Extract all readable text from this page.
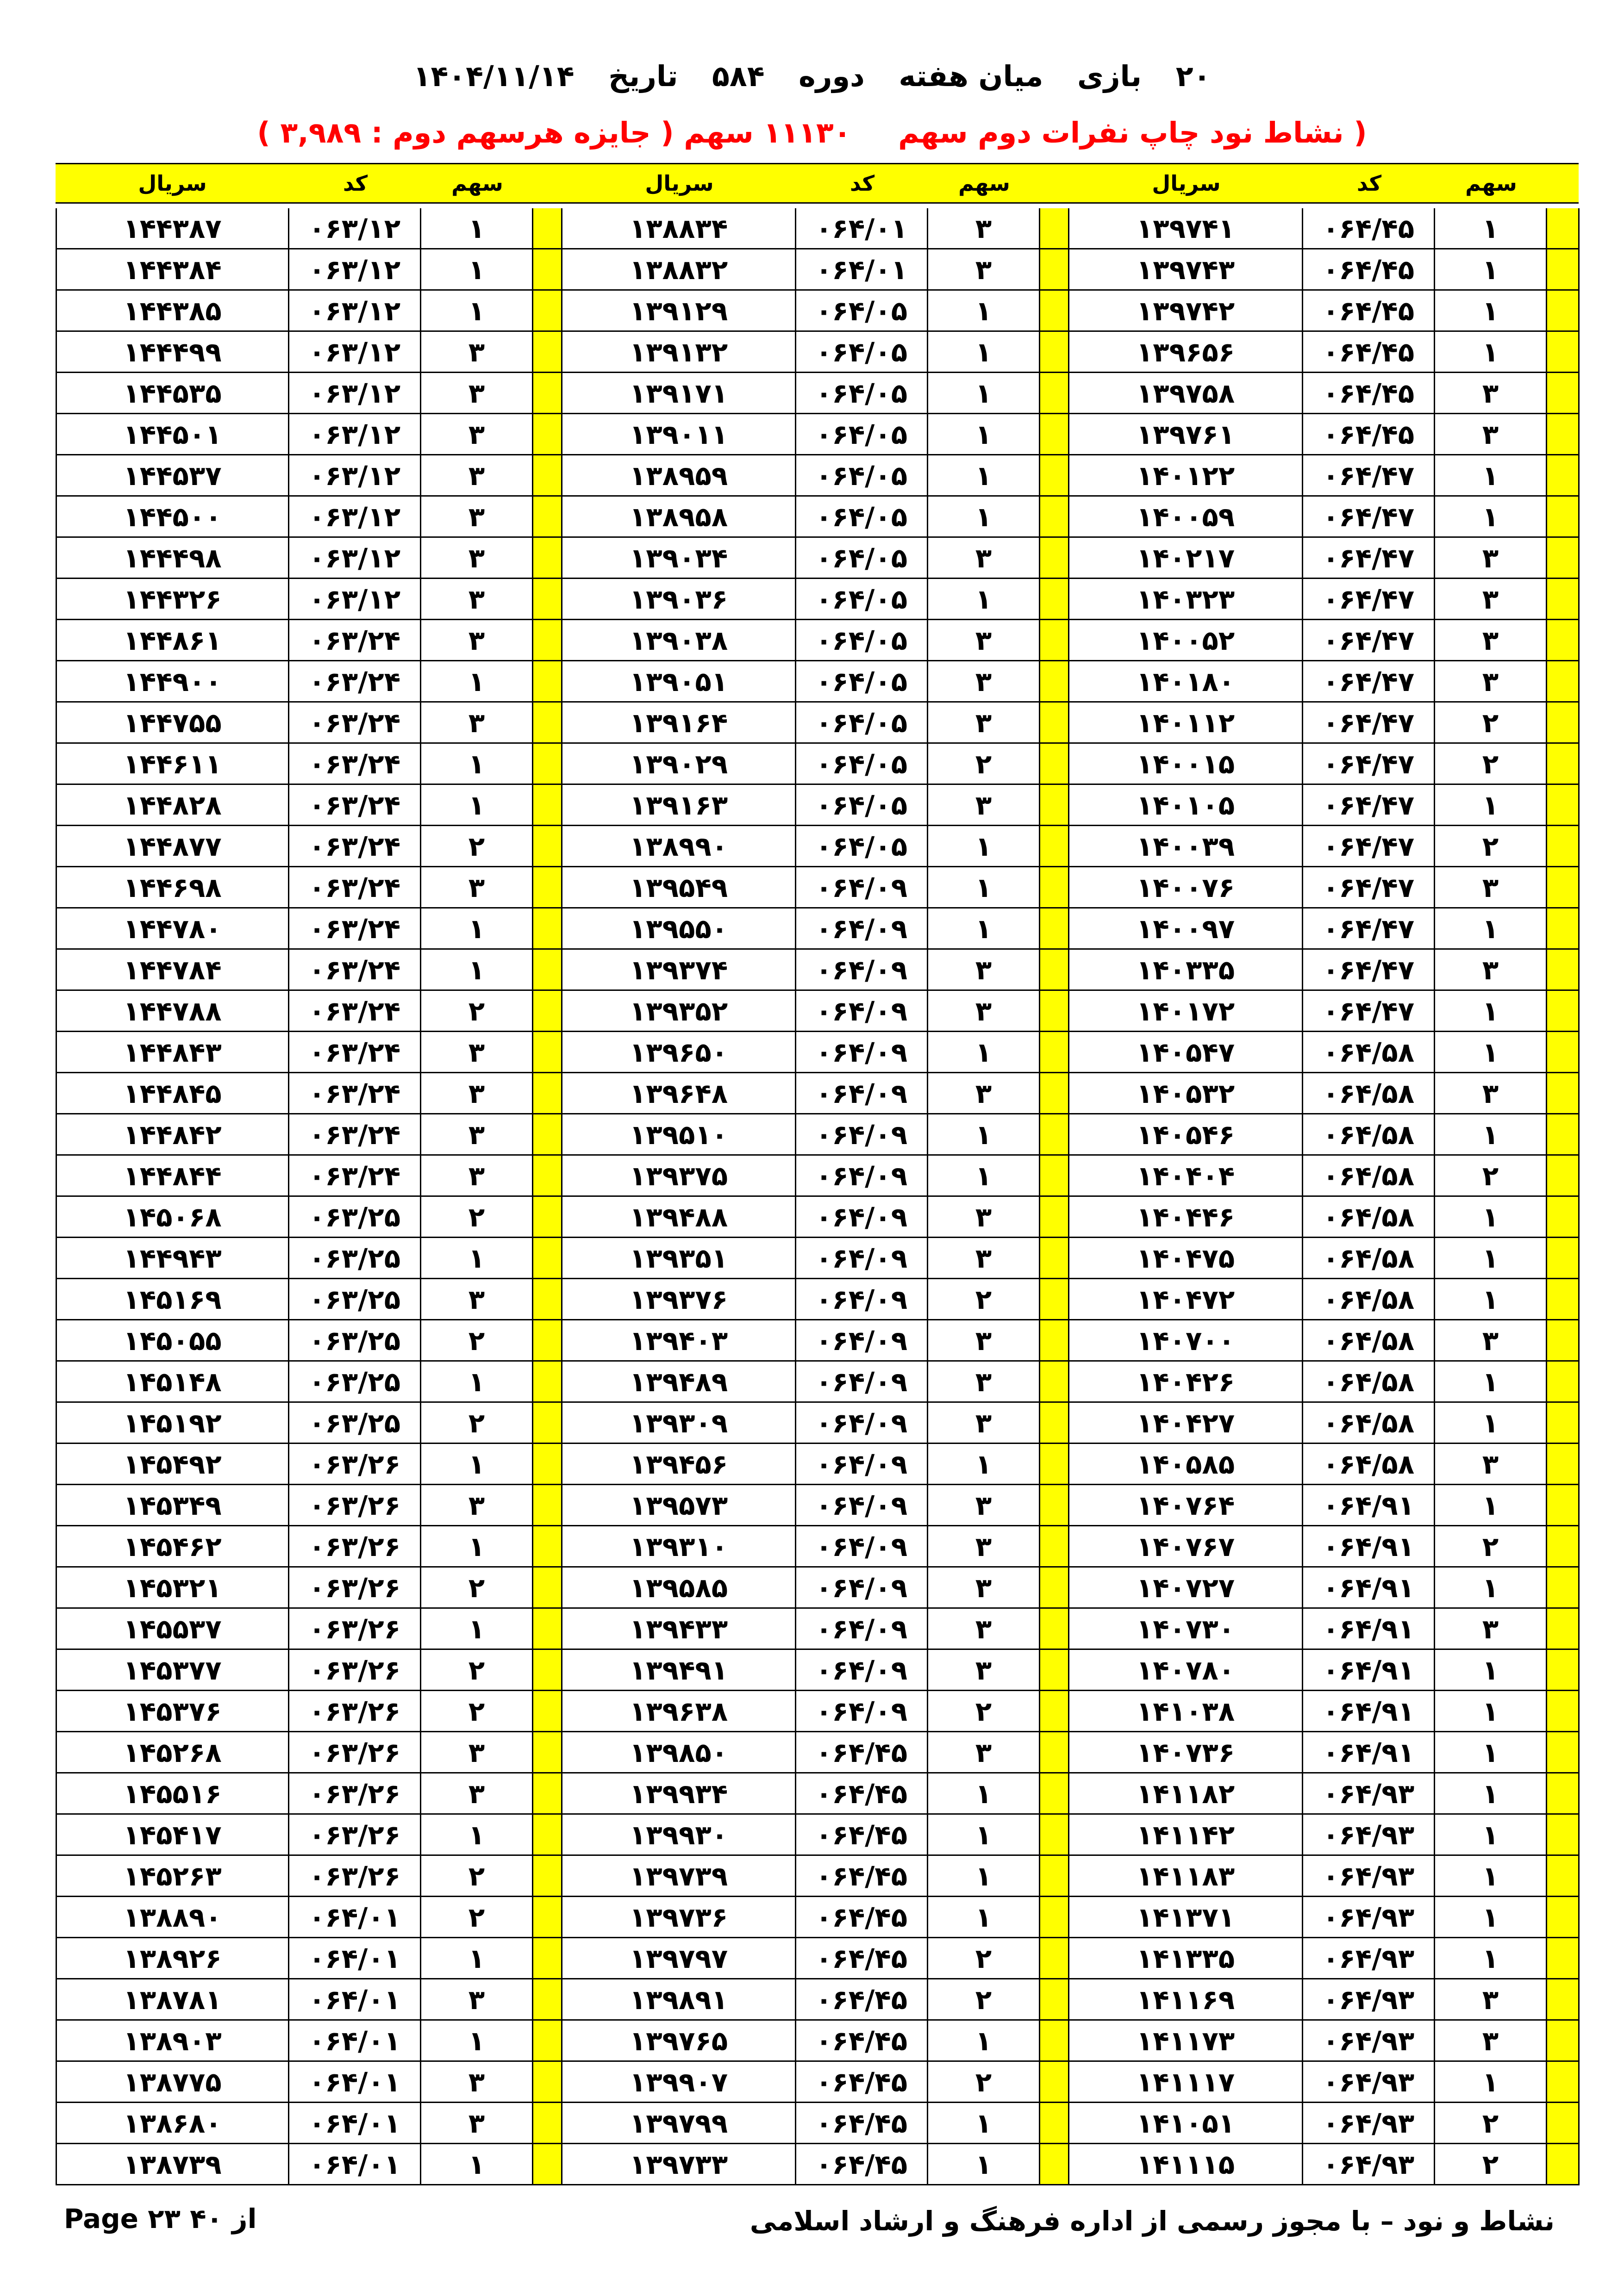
۲۰ بازی میان هفته دوره ۵۸۴ تاریخ ۱۴۰۴/۱۱/۱۴
( نشاط نود چاپ نفرات دوم سهم ۱۱۱۳۰ سهم ( جایزه هرسهم دوم : ۳,۹۸۹ )
سریال	کد	سهم	سریال	کد	سهم	سریال	کد	سهم
۱۴۴۳۸۷	۰۶۳/۱۲	۱	۱۳۸۸۳۴	۰۶۴/۰۱	۳	۱۳۹۷۴۱	۰۶۴/۴۵	۱
۱۴۴۳۸۴	۰۶۳/۱۲	۱	۱۳۸۸۳۲	۰۶۴/۰۱	۳	۱۳۹۷۴۳	۰۶۴/۴۵	۱
۱۴۴۳۸۵	۰۶۳/۱۲	۱	۱۳۹۱۲۹	۰۶۴/۰۵	۱	۱۳۹۷۴۲	۰۶۴/۴۵	۱
۱۴۴۴۹۹	۰۶۳/۱۲	۳	۱۳۹۱۳۲	۰۶۴/۰۵	۱	۱۳۹۶۵۶	۰۶۴/۴۵	۱
۱۴۴۵۳۵	۰۶۳/۱۲	۳	۱۳۹۱۷۱	۰۶۴/۰۵	۱	۱۳۹۷۵۸	۰۶۴/۴۵	۳
۱۴۴۵۰۱	۰۶۳/۱۲	۳	۱۳۹۰۱۱	۰۶۴/۰۵	۱	۱۳۹۷۶۱	۰۶۴/۴۵	۳
۱۴۴۵۳۷	۰۶۳/۱۲	۳	۱۳۸۹۵۹	۰۶۴/۰۵	۱	۱۴۰۱۲۲	۰۶۴/۴۷	۱
۱۴۴۵۰۰	۰۶۳/۱۲	۳	۱۳۸۹۵۸	۰۶۴/۰۵	۱	۱۴۰۰۵۹	۰۶۴/۴۷	۱
۱۴۴۴۹۸	۰۶۳/۱۲	۳	۱۳۹۰۳۴	۰۶۴/۰۵	۳	۱۴۰۲۱۷	۰۶۴/۴۷	۳
۱۴۴۳۲۶	۰۶۳/۱۲	۳	۱۳۹۰۳۶	۰۶۴/۰۵	۱	۱۴۰۳۲۳	۰۶۴/۴۷	۳
۱۴۴۸۶۱	۰۶۳/۲۴	۳	۱۳۹۰۳۸	۰۶۴/۰۵	۳	۱۴۰۰۵۲	۰۶۴/۴۷	۳
۱۴۴۹۰۰	۰۶۳/۲۴	۱	۱۳۹۰۵۱	۰۶۴/۰۵	۳	۱۴۰۱۸۰	۰۶۴/۴۷	۳
۱۴۴۷۵۵	۰۶۳/۲۴	۳	۱۳۹۱۶۴	۰۶۴/۰۵	۳	۱۴۰۱۱۲	۰۶۴/۴۷	۲
۱۴۴۶۱۱	۰۶۳/۲۴	۱	۱۳۹۰۲۹	۰۶۴/۰۵	۲	۱۴۰۰۱۵	۰۶۴/۴۷	۲
۱۴۴۸۲۸	۰۶۳/۲۴	۱	۱۳۹۱۶۳	۰۶۴/۰۵	۳	۱۴۰۱۰۵	۰۶۴/۴۷	۱
۱۴۴۸۷۷	۰۶۳/۲۴	۲	۱۳۸۹۹۰	۰۶۴/۰۵	۱	۱۴۰۰۳۹	۰۶۴/۴۷	۲
۱۴۴۶۹۸	۰۶۳/۲۴	۳	۱۳۹۵۴۹	۰۶۴/۰۹	۱	۱۴۰۰۷۶	۰۶۴/۴۷	۳
۱۴۴۷۸۰	۰۶۳/۲۴	۱	۱۳۹۵۵۰	۰۶۴/۰۹	۱	۱۴۰۰۹۷	۰۶۴/۴۷	۱
۱۴۴۷۸۴	۰۶۳/۲۴	۱	۱۳۹۳۷۴	۰۶۴/۰۹	۳	۱۴۰۳۳۵	۰۶۴/۴۷	۳
۱۴۴۷۸۸	۰۶۳/۲۴	۲	۱۳۹۳۵۲	۰۶۴/۰۹	۳	۱۴۰۱۷۲	۰۶۴/۴۷	۱
۱۴۴۸۴۳	۰۶۳/۲۴	۳	۱۳۹۶۵۰	۰۶۴/۰۹	۱	۱۴۰۵۴۷	۰۶۴/۵۸	۱
۱۴۴۸۴۵	۰۶۳/۲۴	۳	۱۳۹۶۴۸	۰۶۴/۰۹	۳	۱۴۰۵۳۲	۰۶۴/۵۸	۳
۱۴۴۸۴۲	۰۶۳/۲۴	۳	۱۳۹۵۱۰	۰۶۴/۰۹	۱	۱۴۰۵۴۶	۰۶۴/۵۸	۱
۱۴۴۸۴۴	۰۶۳/۲۴	۳	۱۳۹۳۷۵	۰۶۴/۰۹	۱	۱۴۰۴۰۴	۰۶۴/۵۸	۲
۱۴۵۰۶۸	۰۶۳/۲۵	۲	۱۳۹۴۸۸	۰۶۴/۰۹	۳	۱۴۰۴۴۶	۰۶۴/۵۸	۱
۱۴۴۹۴۳	۰۶۳/۲۵	۱	۱۳۹۳۵۱	۰۶۴/۰۹	۳	۱۴۰۴۷۵	۰۶۴/۵۸	۱
۱۴۵۱۶۹	۰۶۳/۲۵	۳	۱۳۹۳۷۶	۰۶۴/۰۹	۲	۱۴۰۴۷۲	۰۶۴/۵۸	۱
۱۴۵۰۵۵	۰۶۳/۲۵	۲	۱۳۹۴۰۳	۰۶۴/۰۹	۳	۱۴۰۷۰۰	۰۶۴/۵۸	۳
۱۴۵۱۴۸	۰۶۳/۲۵	۱	۱۳۹۴۸۹	۰۶۴/۰۹	۳	۱۴۰۴۲۶	۰۶۴/۵۸	۱
۱۴۵۱۹۲	۰۶۳/۲۵	۲	۱۳۹۳۰۹	۰۶۴/۰۹	۳	۱۴۰۴۲۷	۰۶۴/۵۸	۱
۱۴۵۴۹۲	۰۶۳/۲۶	۱	۱۳۹۴۵۶	۰۶۴/۰۹	۱	۱۴۰۵۸۵	۰۶۴/۵۸	۳
۱۴۵۳۴۹	۰۶۳/۲۶	۳	۱۳۹۵۷۳	۰۶۴/۰۹	۳	۱۴۰۷۶۴	۰۶۴/۹۱	۱
۱۴۵۴۶۲	۰۶۳/۲۶	۱	۱۳۹۳۱۰	۰۶۴/۰۹	۳	۱۴۰۷۶۷	۰۶۴/۹۱	۲
۱۴۵۳۲۱	۰۶۳/۲۶	۲	۱۳۹۵۸۵	۰۶۴/۰۹	۳	۱۴۰۷۲۷	۰۶۴/۹۱	۱
۱۴۵۵۳۷	۰۶۳/۲۶	۱	۱۳۹۴۳۳	۰۶۴/۰۹	۳	۱۴۰۷۳۰	۰۶۴/۹۱	۳
۱۴۵۳۷۷	۰۶۳/۲۶	۲	۱۳۹۴۹۱	۰۶۴/۰۹	۳	۱۴۰۷۸۰	۰۶۴/۹۱	۱
۱۴۵۳۷۶	۰۶۳/۲۶	۲	۱۳۹۶۳۸	۰۶۴/۰۹	۲	۱۴۱۰۳۸	۰۶۴/۹۱	۱
۱۴۵۲۶۸	۰۶۳/۲۶	۳	۱۳۹۸۵۰	۰۶۴/۴۵	۳	۱۴۰۷۳۶	۰۶۴/۹۱	۱
۱۴۵۵۱۶	۰۶۳/۲۶	۳	۱۳۹۹۳۴	۰۶۴/۴۵	۱	۱۴۱۱۸۲	۰۶۴/۹۳	۱
۱۴۵۴۱۷	۰۶۳/۲۶	۱	۱۳۹۹۳۰	۰۶۴/۴۵	۱	۱۴۱۱۴۲	۰۶۴/۹۳	۱
۱۴۵۲۶۳	۰۶۳/۲۶	۲	۱۳۹۷۳۹	۰۶۴/۴۵	۱	۱۴۱۱۸۳	۰۶۴/۹۳	۱
۱۳۸۸۹۰	۰۶۴/۰۱	۲	۱۳۹۷۳۶	۰۶۴/۴۵	۱	۱۴۱۳۷۱	۰۶۴/۹۳	۱
۱۳۸۹۲۶	۰۶۴/۰۱	۱	۱۳۹۷۹۷	۰۶۴/۴۵	۲	۱۴۱۳۳۵	۰۶۴/۹۳	۱
۱۳۸۷۸۱	۰۶۴/۰۱	۳	۱۳۹۸۹۱	۰۶۴/۴۵	۲	۱۴۱۱۶۹	۰۶۴/۹۳	۳
۱۳۸۹۰۳	۰۶۴/۰۱	۱	۱۳۹۷۶۵	۰۶۴/۴۵	۱	۱۴۱۱۷۳	۰۶۴/۹۳	۳
۱۳۸۷۷۵	۰۶۴/۰۱	۳	۱۳۹۹۰۷	۰۶۴/۴۵	۲	۱۴۱۱۱۷	۰۶۴/۹۳	۱
۱۳۸۶۸۰	۰۶۴/۰۱	۳	۱۳۹۷۹۹	۰۶۴/۴۵	۱	۱۴۱۰۵۱	۰۶۴/۹۳	۲
۱۳۸۷۳۹	۰۶۴/۰۱	۱	۱۳۹۷۳۳	۰۶۴/۴۵	۱	۱۴۱۱۱۵	۰۶۴/۹۳	۲
Page ۲۳ از ۴۰	نشاط و نود – با مجوز رسمی از اداره فرهنگ و ارشاد اسلامی
